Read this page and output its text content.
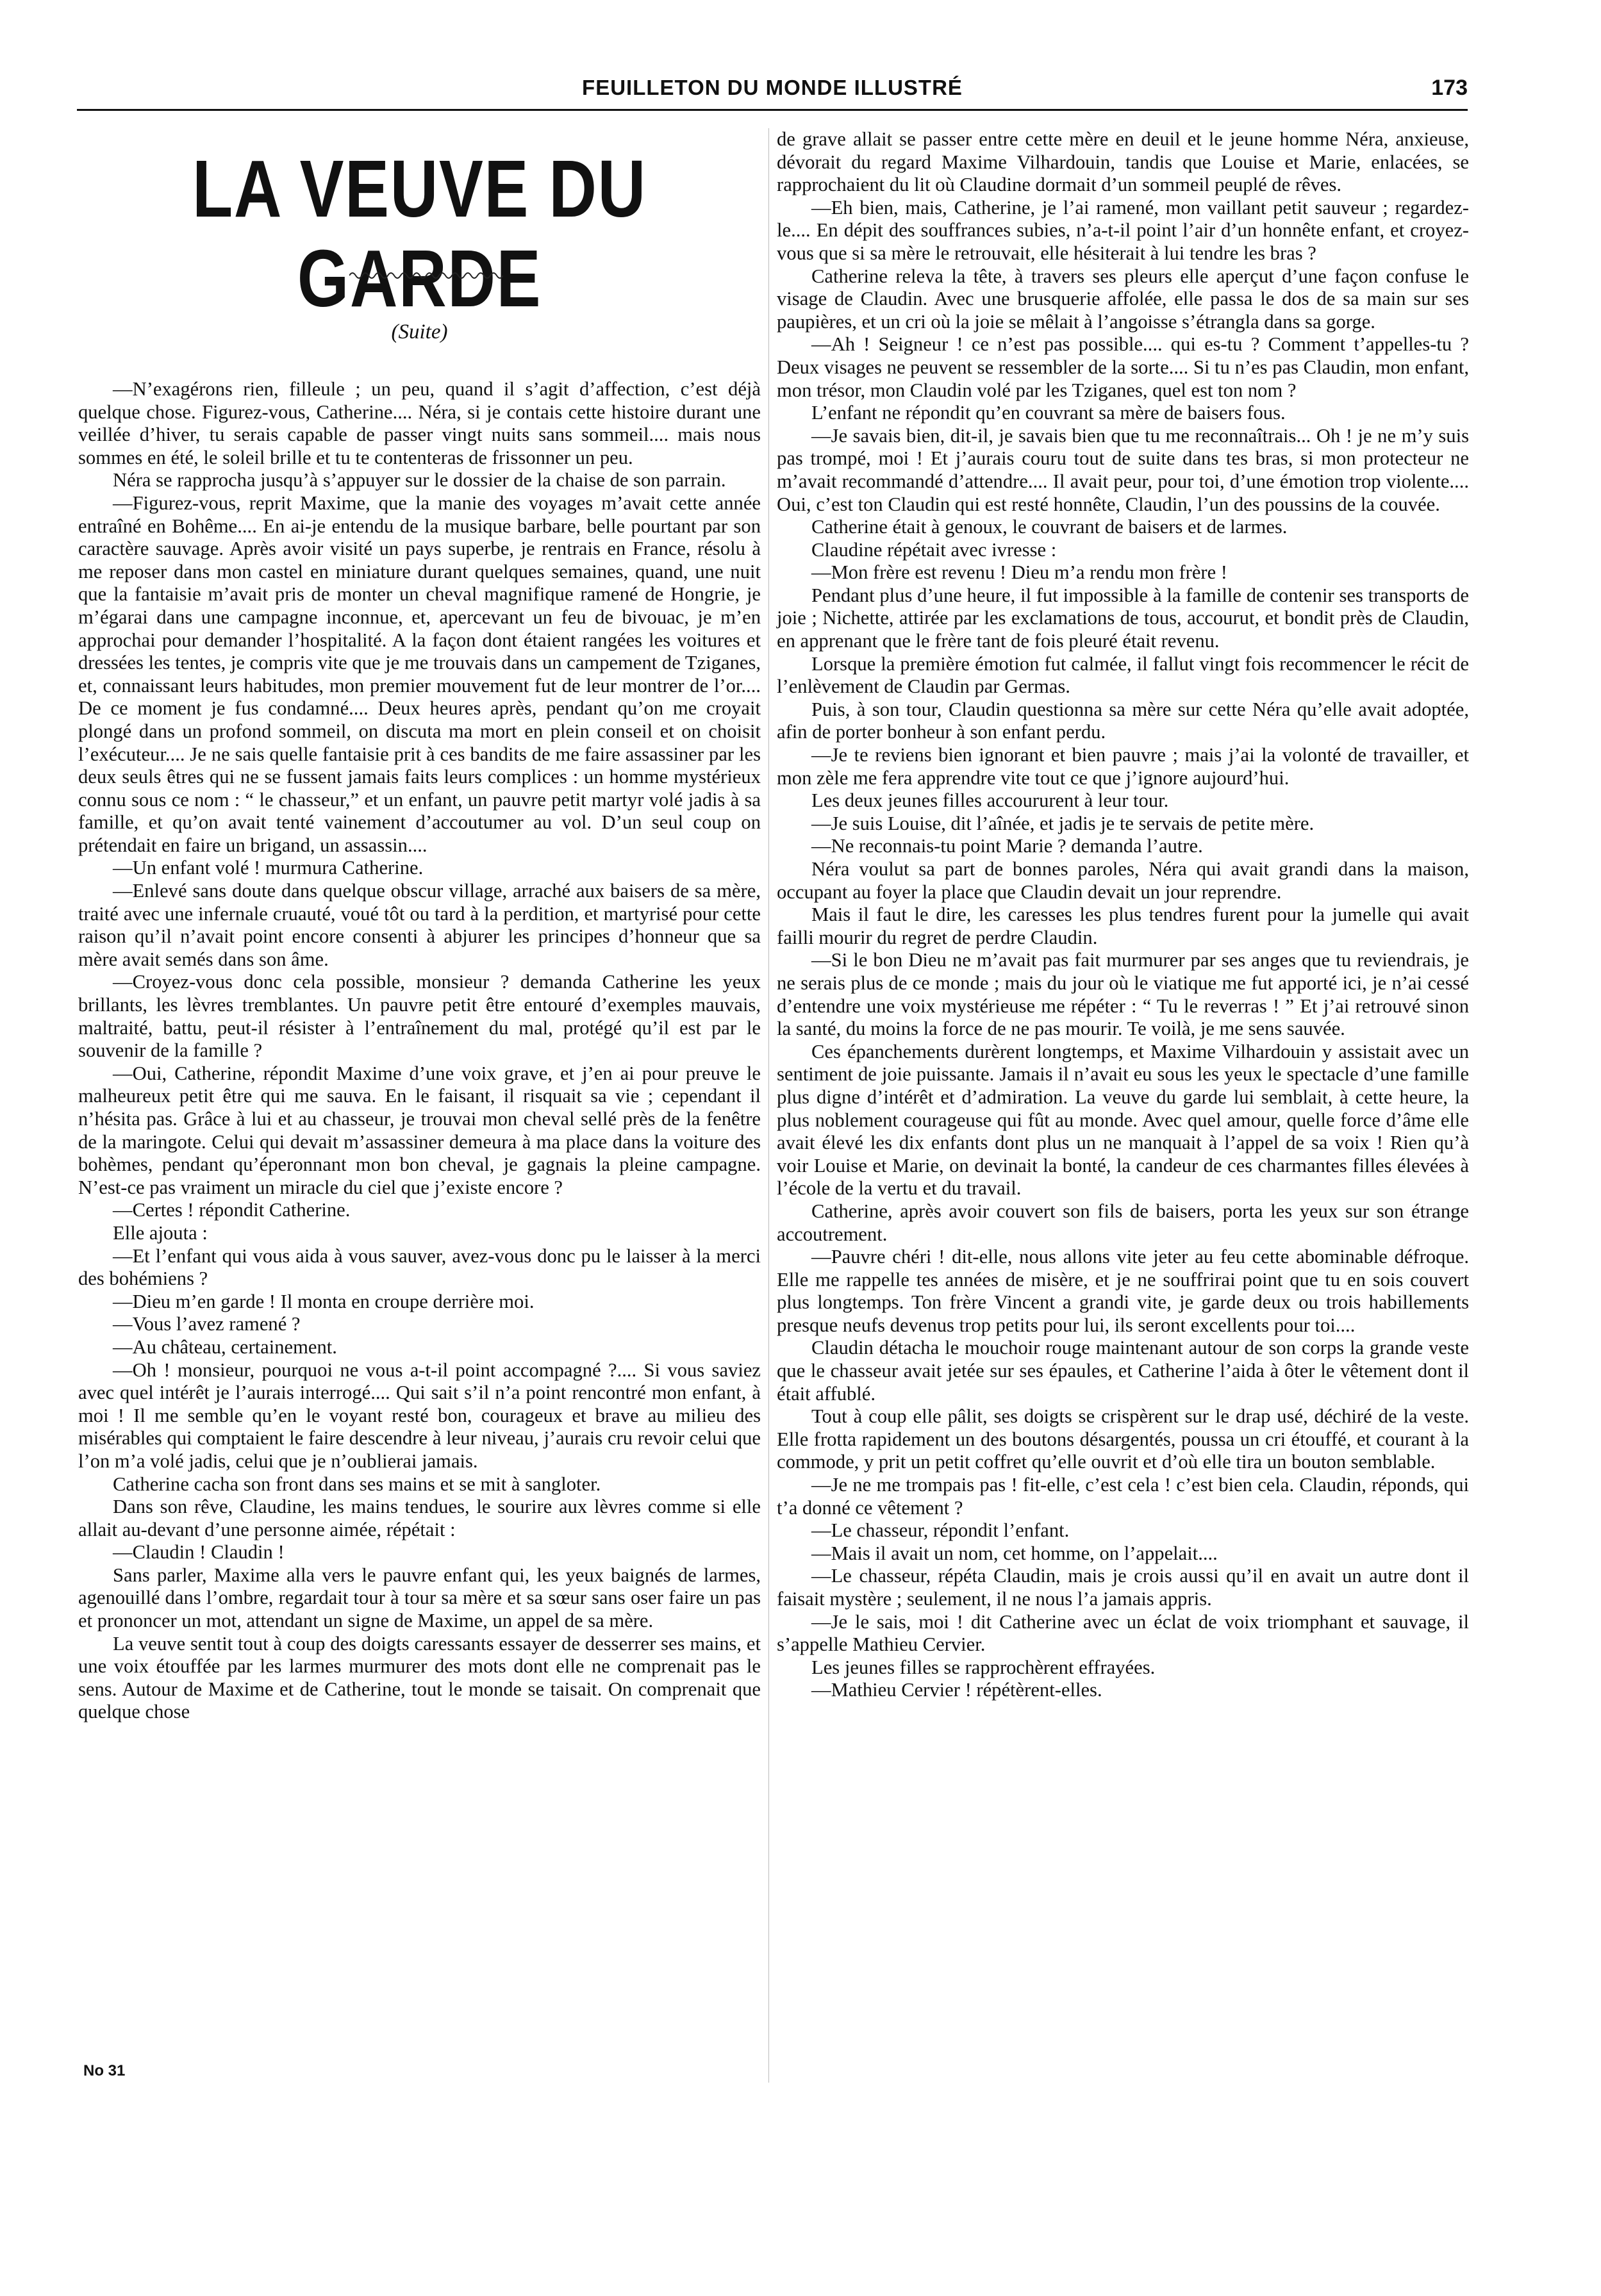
FEUILLETON DU MONDE ILLUSTRÉ	173
LA VEUVE DU GARDE
(Suite)

—N’exagérons rien, filleule ; un peu, quand il s’agit d’affection, c’est déjà quelque chose. Figurez-vous, Catherine.... Néra, si je contais cette histoire durant une veillée d’hiver, tu serais capable de passer vingt nuits sans sommeil.... mais nous sommes en été, le soleil brille et tu te contenteras de frissonner un peu.

Néra se rapprocha jusqu’à s’appuyer sur le dossier de la chaise de son parrain.

—Figurez-vous, reprit Maxime, que la manie des voyages m’avait cette année entraîné en Bohême.... En ai-je entendu de la musique barbare, belle pourtant par son caractère sauvage. Après avoir visité un pays superbe, je rentrais en France, résolu à me reposer dans mon castel en miniature durant quelques semaines, quand, une nuit que la fantaisie m’avait pris de monter un cheval magnifique ramené de Hongrie, je m’égarai dans une campagne inconnue, et, apercevant un feu de bivouac, je m’en approchai pour demander l’hospitalité. A la façon dont étaient rangées les voitures et dressées les tentes, je compris vite que je me trouvais dans un campement de Tziganes, et, connaissant leurs habitudes, mon premier mouvement fut de leur montrer de l’or.... De ce moment je fus condamné.... Deux heures après, pendant qu’on me croyait plongé dans un profond sommeil, on discuta ma mort en plein conseil et on choisit l’exécuteur.... Je ne sais quelle fantaisie prit à ces bandits de me faire assassiner par les deux seuls êtres qui ne se fussent jamais faits leurs complices : un homme mystérieux connu sous ce nom : “ le chasseur,” et un enfant, un pauvre petit martyr volé jadis à sa famille, et qu’on avait tenté vainement d’accoutumer au vol. D’un seul coup on prétendait en faire un brigand, un assassin....

—Un enfant volé ! murmura Catherine.

—Enlevé sans doute dans quelque obscur village, arraché aux baisers de sa mère, traité avec une infernale cruauté, voué tôt ou tard à la perdition, et martyrisé pour cette raison qu’il n’avait point encore consenti à abjurer les principes d’honneur que sa mère avait semés dans son âme.

—Croyez-vous donc cela possible, monsieur ? demanda Catherine les yeux brillants, les lèvres tremblantes. Un pauvre petit être entouré d’exemples mauvais, maltraité, battu, peut-il résister à l’entraînement du mal, protégé qu’il est par le souvenir de la famille ?

—Oui, Catherine, répondit Maxime d’une voix grave, et j’en ai pour preuve le malheureux petit être qui me sauva. En le faisant, il risquait sa vie ; cependant il n’hésita pas. Grâce à lui et au chasseur, je trouvai mon cheval sellé près de la fenêtre de la maringote. Celui qui devait m’assassiner demeura à ma place dans la voiture des bohèmes, pendant qu’éperonnant mon bon cheval, je gagnais la pleine campagne. N’est-ce pas vraiment un miracle du ciel que j’existe encore ?

—Certes ! répondit Catherine.

Elle ajouta :

—Et l’enfant qui vous aida à vous sauver, avez-vous donc pu le laisser à la merci des bohémiens ?

—Dieu m’en garde ! Il monta en croupe derrière moi.

—Vous l’avez ramené ?

—Au château, certainement.

—Oh ! monsieur, pourquoi ne vous a-t-il point accompagné ?.... Si vous saviez avec quel intérêt je l’aurais interrogé.... Qui sait s’il n’a point rencontré mon enfant, à moi ! Il me semble qu’en le voyant resté bon, courageux et brave au milieu des misérables qui comptaient le faire descendre à leur niveau, j’aurais cru revoir celui que l’on m’a volé jadis, celui que je n’oublierai jamais.

Catherine cacha son front dans ses mains et se mit à sangloter.

Dans son rêve, Claudine, les mains tendues, le sourire aux lèvres comme si elle allait au-devant d’une personne aimée, répétait :

—Claudin ! Claudin !

Sans parler, Maxime alla vers le pauvre enfant qui, les yeux baignés de larmes, agenouillé dans l’ombre, regardait tour à tour sa mère et sa sœur sans oser faire un pas et prononcer un mot, attendant un signe de Maxime, un appel de sa mère.

La veuve sentit tout à coup des doigts caressants essayer de desserrer ses mains, et une voix étouffée par les larmes murmurer des mots dont elle ne comprenait pas le sens. Autour de Maxime et de Catherine, tout le monde se taisait. On comprenait que quelque chose

de grave allait se passer entre cette mère en deuil et le jeune homme Néra, anxieuse, dévorait du regard Maxime Vilhardouin, tandis que Louise et Marie, enlacées, se rapprochaient du lit où Claudine dormait d’un sommeil peuplé de rêves.

—Eh bien, mais, Catherine, je l’ai ramené, mon vaillant petit sauveur ; regardez-le.... En dépit des souffrances subies, n’a-t-il point l’air d’un honnête enfant, et croyez-vous que si sa mère le retrouvait, elle hésiterait à lui tendre les bras ?

Catherine releva la tête, à travers ses pleurs elle aperçut d’une façon confuse le visage de Claudin. Avec une brusquerie affolée, elle passa le dos de sa main sur ses paupières, et un cri où la joie se mêlait à l’angoisse s’étrangla dans sa gorge.

—Ah ! Seigneur ! ce n’est pas possible.... qui es-tu ? Comment t’appelles-tu ? Deux visages ne peuvent se ressembler de la sorte.... Si tu n’es pas Claudin, mon enfant, mon trésor, mon Claudin volé par les Tziganes, quel est ton nom ?

L’enfant ne répondit qu’en couvrant sa mère de baisers fous.

—Je savais bien, dit-il, je savais bien que tu me reconnaîtrais... Oh ! je ne m’y suis pas trompé, moi ! Et j’aurais couru tout de suite dans tes bras, si mon protecteur ne m’avait recommandé d’attendre.... Il avait peur, pour toi, d’une émotion trop violente.... Oui, c’est ton Claudin qui est resté honnête, Claudin, l’un des poussins de la couvée.

Catherine était à genoux, le couvrant de baisers et de larmes.

Claudine répétait avec ivresse :

—Mon frère est revenu ! Dieu m’a rendu mon frère !

Pendant plus d’une heure, il fut impossible à la famille de contenir ses transports de joie ; Nichette, attirée par les exclamations de tous, accourut, et bondit près de Claudin, en apprenant que le frère tant de fois pleuré était revenu.

Lorsque la première émotion fut calmée, il fallut vingt fois recommencer le récit de l’enlèvement de Claudin par Germas.

Puis, à son tour, Claudin questionna sa mère sur cette Néra qu’elle avait adoptée, afin de porter bonheur à son enfant perdu.

—Je te reviens bien ignorant et bien pauvre ; mais j’ai la volonté de travailler, et mon zèle me fera apprendre vite tout ce que j’ignore aujourd’hui.

Les deux jeunes filles accoururent à leur tour.

—Je suis Louise, dit l’aînée, et jadis je te servais de petite mère.

—Ne reconnais-tu point Marie ? demanda l’autre.

Néra voulut sa part de bonnes paroles, Néra qui avait grandi dans la maison, occupant au foyer la place que Claudin devait un jour reprendre.

Mais il faut le dire, les caresses les plus tendres furent pour la jumelle qui avait failli mourir du regret de perdre Claudin.

—Si le bon Dieu ne m’avait pas fait murmurer par ses anges que tu reviendrais, je ne serais plus de ce monde ; mais du jour où le viatique me fut apporté ici, je n’ai cessé d’entendre une voix mystérieuse me répéter : “ Tu le reverras ! ” Et j’ai retrouvé sinon la santé, du moins la force de ne pas mourir. Te voilà, je me sens sauvée.

Ces épanchements durèrent longtemps, et Maxime Vilhardouin y assistait avec un sentiment de joie puissante. Jamais il n’avait eu sous les yeux le spectacle d’une famille plus digne d’intérêt et d’admiration. La veuve du garde lui semblait, à cette heure, la plus noblement courageuse qui fût au monde. Avec quel amour, quelle force d’âme elle avait élevé les dix enfants dont plus un ne manquait à l’appel de sa voix ! Rien qu’à voir Louise et Marie, on devinait la bonté, la candeur de ces charmantes filles élevées à l’école de la vertu et du travail.

Catherine, après avoir couvert son fils de baisers, porta les yeux sur son étrange accoutrement.

—Pauvre chéri ! dit-elle, nous allons vite jeter au feu cette abominable défroque. Elle me rappelle tes années de misère, et je ne souffrirai point que tu en sois couvert plus longtemps. Ton frère Vincent a grandi vite, je garde deux ou trois habillements presque neufs devenus trop petits pour lui, ils seront excellents pour toi....

Claudin détacha le mouchoir rouge maintenant autour de son corps la grande veste que le chasseur avait jetée sur ses épaules, et Catherine l’aida à ôter le vêtement dont il était affublé.

Tout à coup elle pâlit, ses doigts se crispèrent sur le drap usé, déchiré de la veste. Elle frotta rapidement un des boutons désargentés, poussa un cri étouffé, et courant à la commode, y prit un petit coffret qu’elle ouvrit et d’où elle tira un bouton semblable.

—Je ne me trompais pas ! fit-elle, c’est cela ! c’est bien cela. Claudin, réponds, qui t’a donné ce vêtement ?

—Le chasseur, répondit l’enfant.

—Mais il avait un nom, cet homme, on l’appelait....

—Le chasseur, répéta Claudin, mais je crois aussi qu’il en avait un autre dont il faisait mystère ; seulement, il ne nous l’a jamais appris.

—Je le sais, moi ! dit Catherine avec un éclat de voix triomphant et sauvage, il s’appelle Mathieu Cervier.

Les jeunes filles se rapprochèrent effrayées.

—Mathieu Cervier ! répétèrent-elles.

No 31
